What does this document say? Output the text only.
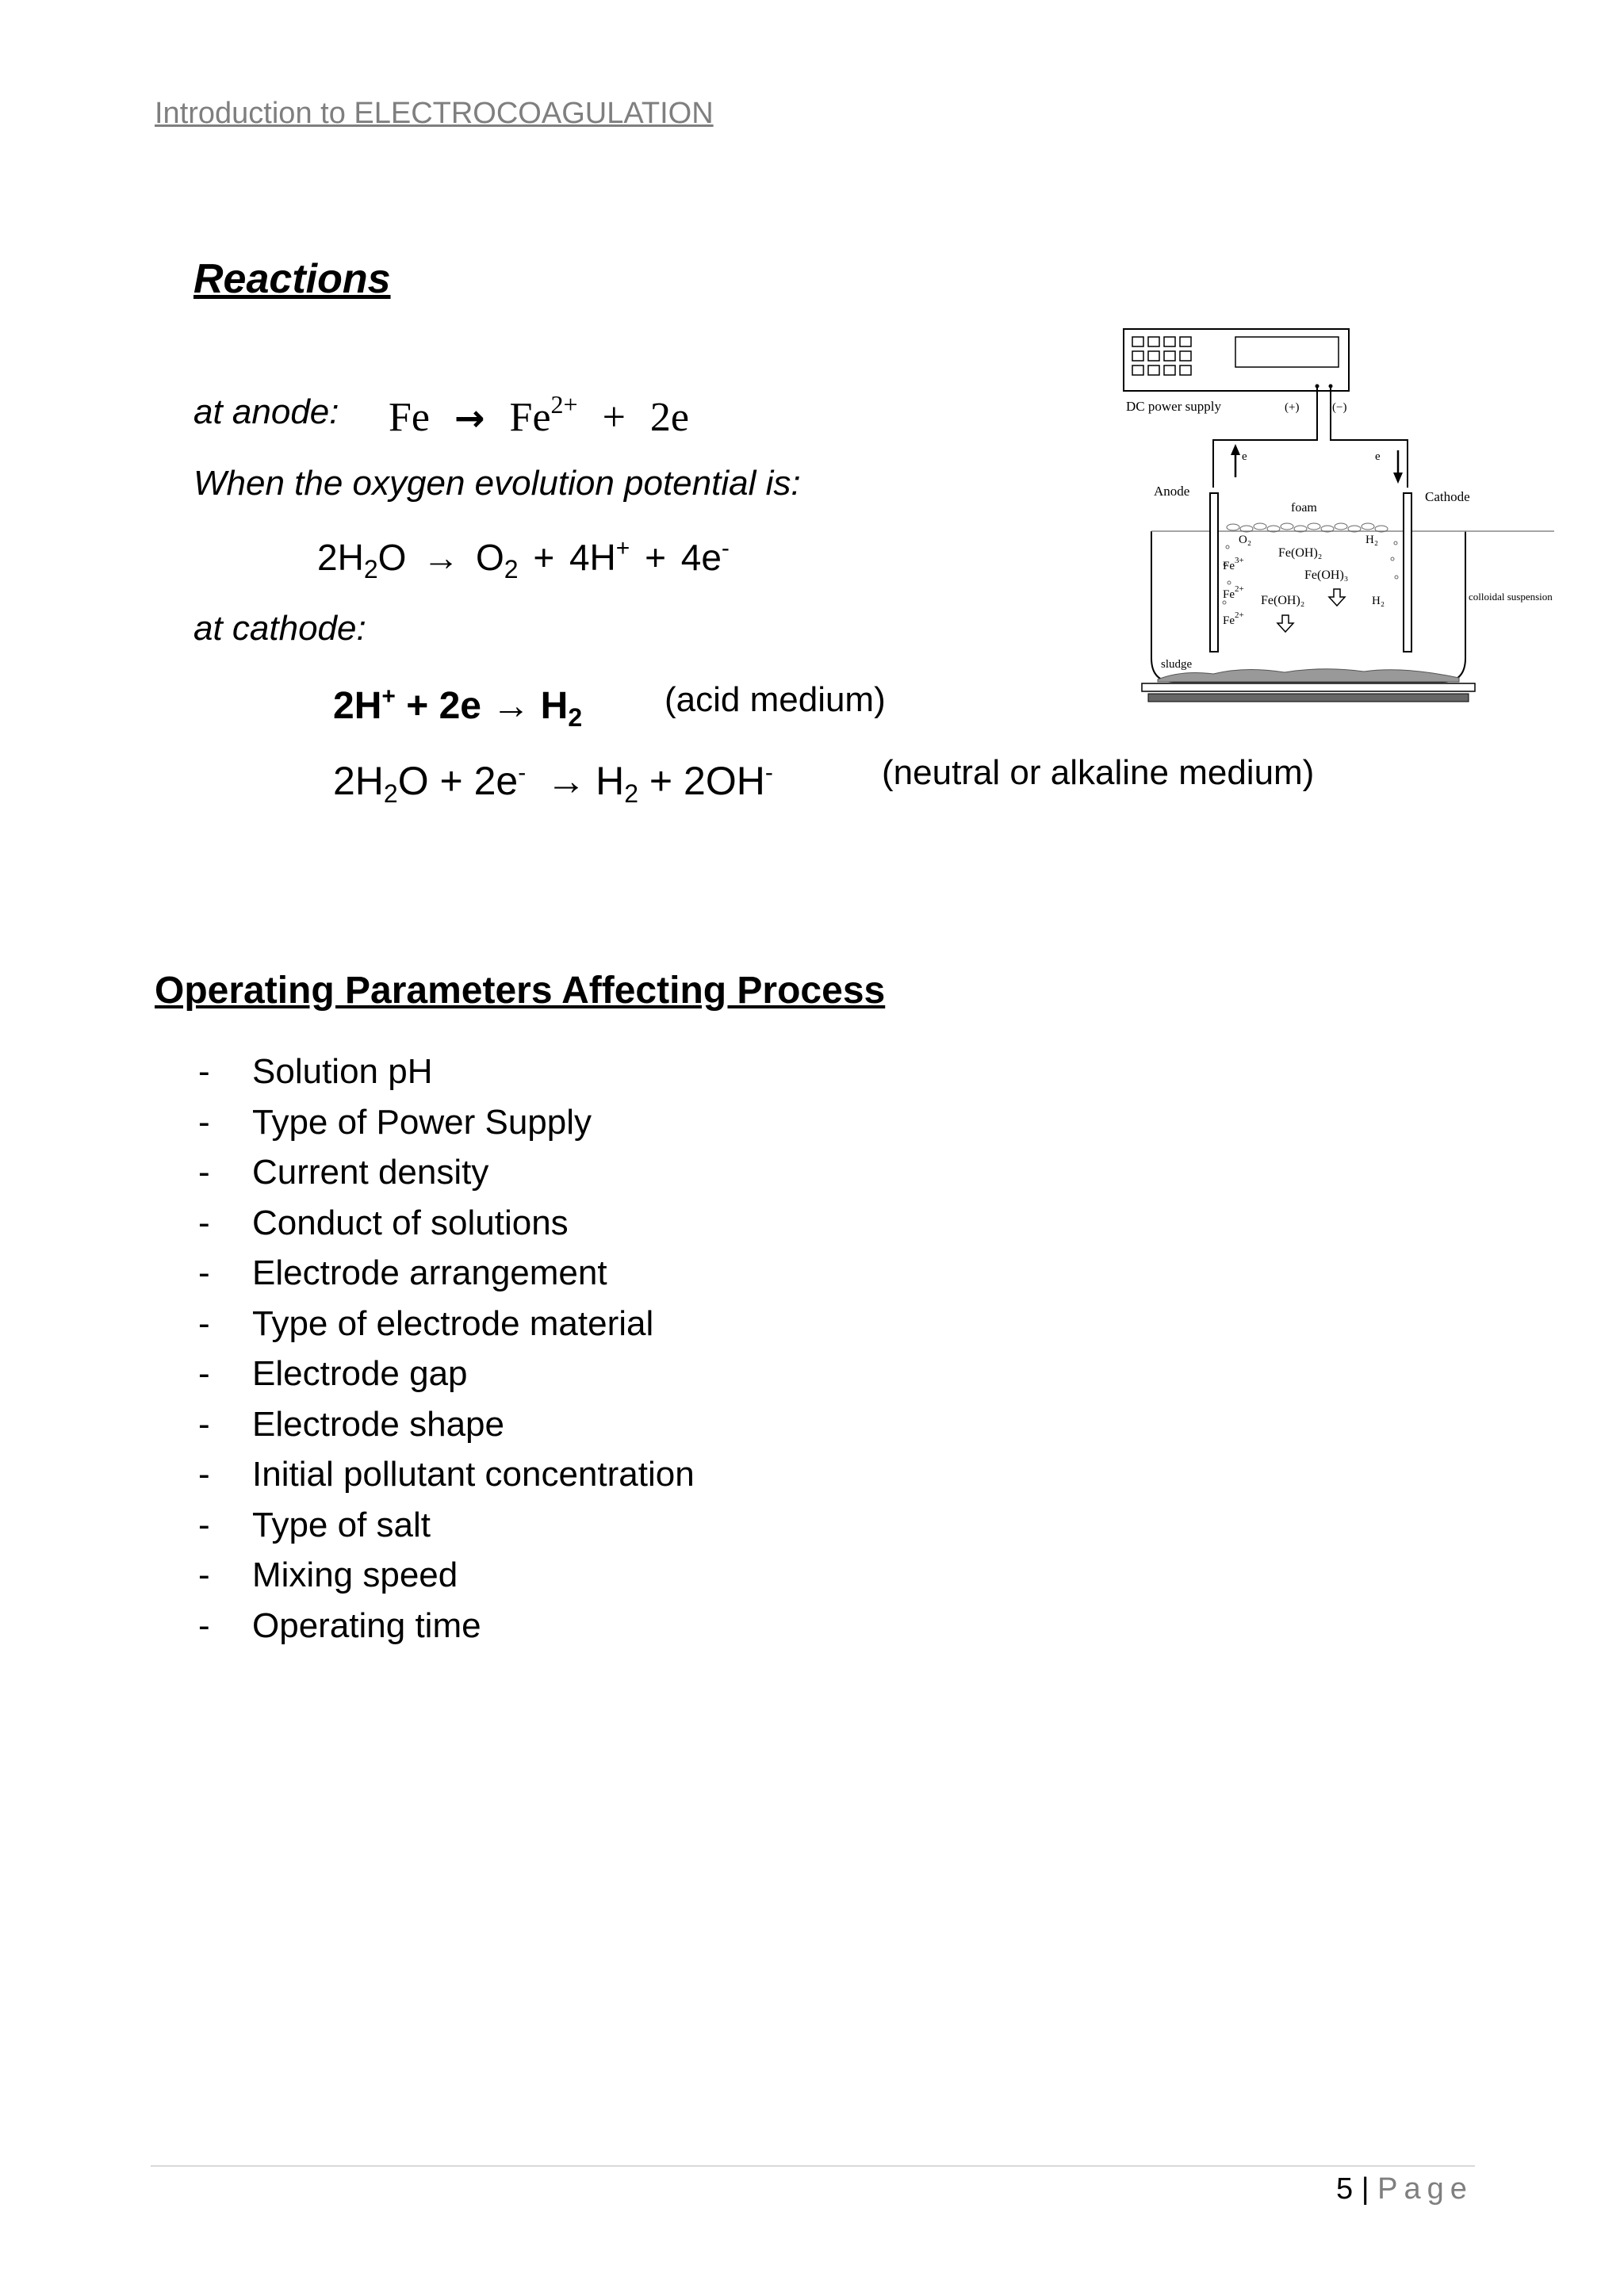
Introduction to ELECTROCOAGULATION
Reactions
at anode: $Fe \to Fe^{2+} + 2e$
When the oxygen evolution potential is:
$2H_2O \to O_2 + 4H^+ + 4e^-$
at cathode:
$2H^+ + 2e \to H_2$ (acid medium)
$2H_2O + 2e^- \to H_2 + 2OH^-$	(neutral or alkaline medium)
DC power supply	(+)	(−)
e	e
Anode	Cathode
foam
O₂	H₂
Fe(OH)₂
Fe(OH)₃
Fe(OH)₂	H₂
$Fe^{3+}$
$Fe^{2+}$
$Fe^{2+}$
colloidal suspension
sludge
Operating Parameters Affecting Process
-	Solution pH
-	Type of Power Supply
-	Current density
-	Conduct of solutions
-	Electrode arrangement
-	Type of electrode material
-	Electrode gap
-	Electrode shape
-	Initial pollutant concentration
-	Type of salt
-	Mixing speed
-	Operating time
5 | Page
